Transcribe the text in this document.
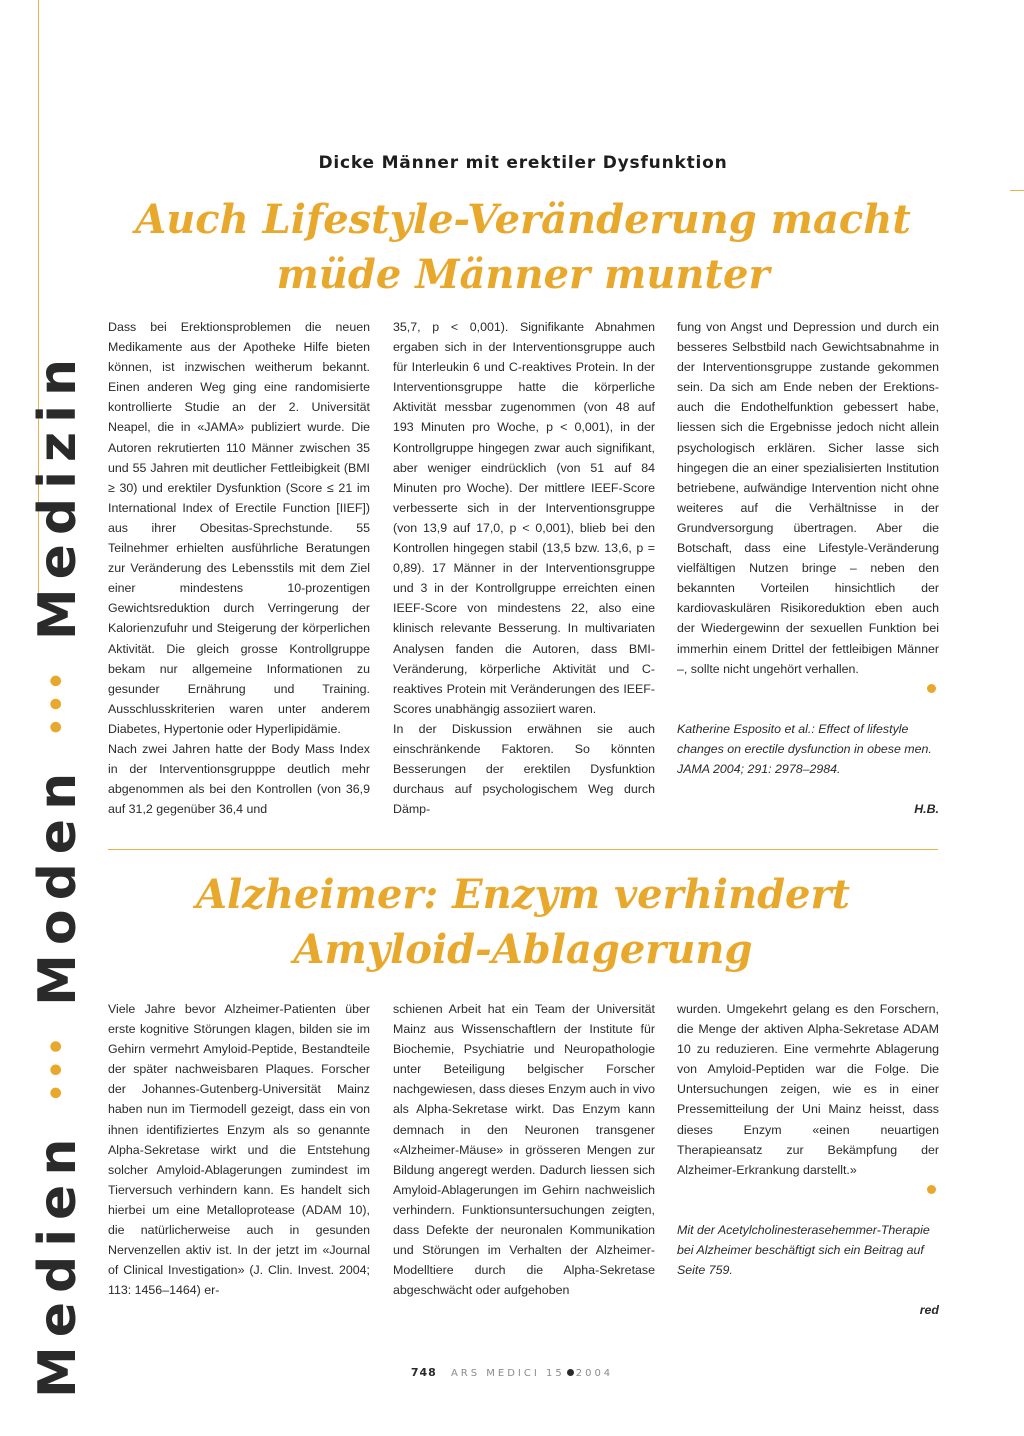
Medien ••• Moden ••• Medizin
Dicke Männer mit erektiler Dysfunktion
Auch Lifestyle-Veränderung macht
müde Männer munter

Dass bei Erektionsproblemen die neuen Medikamente aus der Apotheke Hilfe bieten können, ist inzwischen weitherum bekannt. Einen anderen Weg ging eine randomisierte kontrollierte Studie an der 2. Universität Neapel, die in «JAMA» publiziert wurde. Die Autoren rekrutierten 110 Männer zwischen 35 und 55 Jahren mit deutlicher Fettleibigkeit (BMI ≥ 30) und erektiler Dysfunktion (Score ≤ 21 im International Index of Erectile Function [IIEF]) aus ihrer Obesitas-Sprechstunde. 55 Teilnehmer erhielten ausführliche Beratungen zur Veränderung des Lebensstils mit dem Ziel einer mindestens 10-prozentigen Gewichtsreduktion durch Verringerung der Kalorienzufuhr und Steigerung der körperlichen Aktivität. Die gleich grosse Kontrollgruppe bekam nur allgemeine Informationen zu gesunder Ernährung und Training. Ausschlusskriterien waren unter anderem Diabetes, Hypertonie oder Hyperlipidämie.

Nach zwei Jahren hatte der Body Mass Index in der Interventionsgrupppe deutlich mehr abgenommen als bei den Kontrollen (von 36,9 auf 31,2 gegenüber 36,4 und

35,7, p < 0,001). Signifikante Abnahmen ergaben sich in der Interventionsgruppe auch für Interleukin 6 und C-reaktives Protein. In der Interventionsgruppe hatte die körperliche Aktivität messbar zugenommen (von 48 auf 193 Minuten pro Woche, p < 0,001), in der Kontrollgruppe hingegen zwar auch signifikant, aber weniger eindrücklich (von 51 auf 84 Minuten pro Woche). Der mittlere IEEF-Score verbesserte sich in der Interventionsgruppe (von 13,9 auf 17,0, p < 0,001), blieb bei den Kontrollen hingegen stabil (13,5 bzw. 13,6, p = 0,89). 17 Männer in der Interventionsgruppe und 3 in der Kontrollgruppe erreichten einen IEEF-Score von mindestens 22, also eine klinisch relevante Besserung. In multivariaten Analysen fanden die Autoren, dass BMI-Veränderung, körperliche Aktivität und C-reaktives Protein mit Veränderungen des IEEF-Scores unabhängig assoziiert waren.

In der Diskussion erwähnen sie auch einschränkende Faktoren. So könnten Besserungen der erektilen Dysfunktion durchaus auf psychologischem Weg durch Dämp-

fung von Angst und Depression und durch ein besseres Selbstbild nach Gewichtsabnahme in der Interventionsgruppe zustande gekommen sein. Da sich am Ende neben der Erektions- auch die Endothelfunktion gebessert habe, liessen sich die Ergebnisse jedoch nicht allein psychologisch erklären. Sicher lasse sich hingegen die an einer spezialisierten Institution betriebene, aufwändige Intervention nicht ohne weiteres auf die Verhältnisse in der Grundversorgung übertragen. Aber die Botschaft, dass eine Lifestyle-Veränderung vielfältigen Nutzen bringe – neben den bekannten Vorteilen hinsichtlich der kardiovaskulären Risikoreduktion eben auch der Wiedergewinn der sexuellen Funktion bei immerhin einem Drittel der fettleibigen Männer –, sollte nicht ungehört verhallen.

Katherine Esposito et al.: Effect of lifestyle changes on erectile dysfunction in obese men. JAMA 2004; 291: 2978–2984.

H.B.

Alzheimer: Enzym verhindert
Amyloid-Ablagerung

Viele Jahre bevor Alzheimer-Patienten über erste kognitive Störungen klagen, bilden sie im Gehirn vermehrt Amyloid-Peptide, Bestandteile der später nachweisbaren Plaques. Forscher der Johannes-Gutenberg-Universität Mainz haben nun im Tiermodell gezeigt, dass ein von ihnen identifiziertes Enzym als so genannte Alpha-Sekretase wirkt und die Entstehung solcher Amyloid-Ablagerungen zumindest im Tierversuch verhindern kann. Es handelt sich hierbei um eine Metalloprotease (ADAM 10), die natürlicherweise auch in gesunden Nervenzellen aktiv ist. In der jetzt im «Journal of Clinical Investigation» (J. Clin. Invest. 2004; 113: 1456–1464) er-

schienen Arbeit hat ein Team der Universität Mainz aus Wissenschaftlern der Institute für Biochemie, Psychiatrie und Neuropathologie unter Beteiligung belgischer Forscher nachgewiesen, dass dieses Enzym auch in vivo als Alpha-Sekretase wirkt. Das Enzym kann demnach in den Neuronen transgener «Alzheimer-Mäuse» in grösseren Mengen zur Bildung angeregt werden. Dadurch liessen sich Amyloid-Ablagerungen im Gehirn nachweislich verhindern. Funktionsuntersuchungen zeigten, dass Defekte der neuronalen Kommunikation und Störungen im Verhalten der Alzheimer-Modelltiere durch die Alpha-Sekretase abgeschwächt oder aufgehoben

wurden. Umgekehrt gelang es den Forschern, die Menge der aktiven Alpha-Sekretase ADAM 10 zu reduzieren. Eine vermehrte Ablagerung von Amyloid-Peptiden war die Folge. Die Untersuchungen zeigen, wie es in einer Pressemitteilung der Uni Mainz heisst, dass dieses Enzym «einen neuartigen Therapieansatz zur Bekämpfung der Alzheimer-Erkrankung darstellt.»

Mit der Acetylcholinesterasehemmer-Therapie bei Alzheimer beschäftigt sich ein Beitrag auf Seite 759.

red

748 ARS MEDICI 15 2004
